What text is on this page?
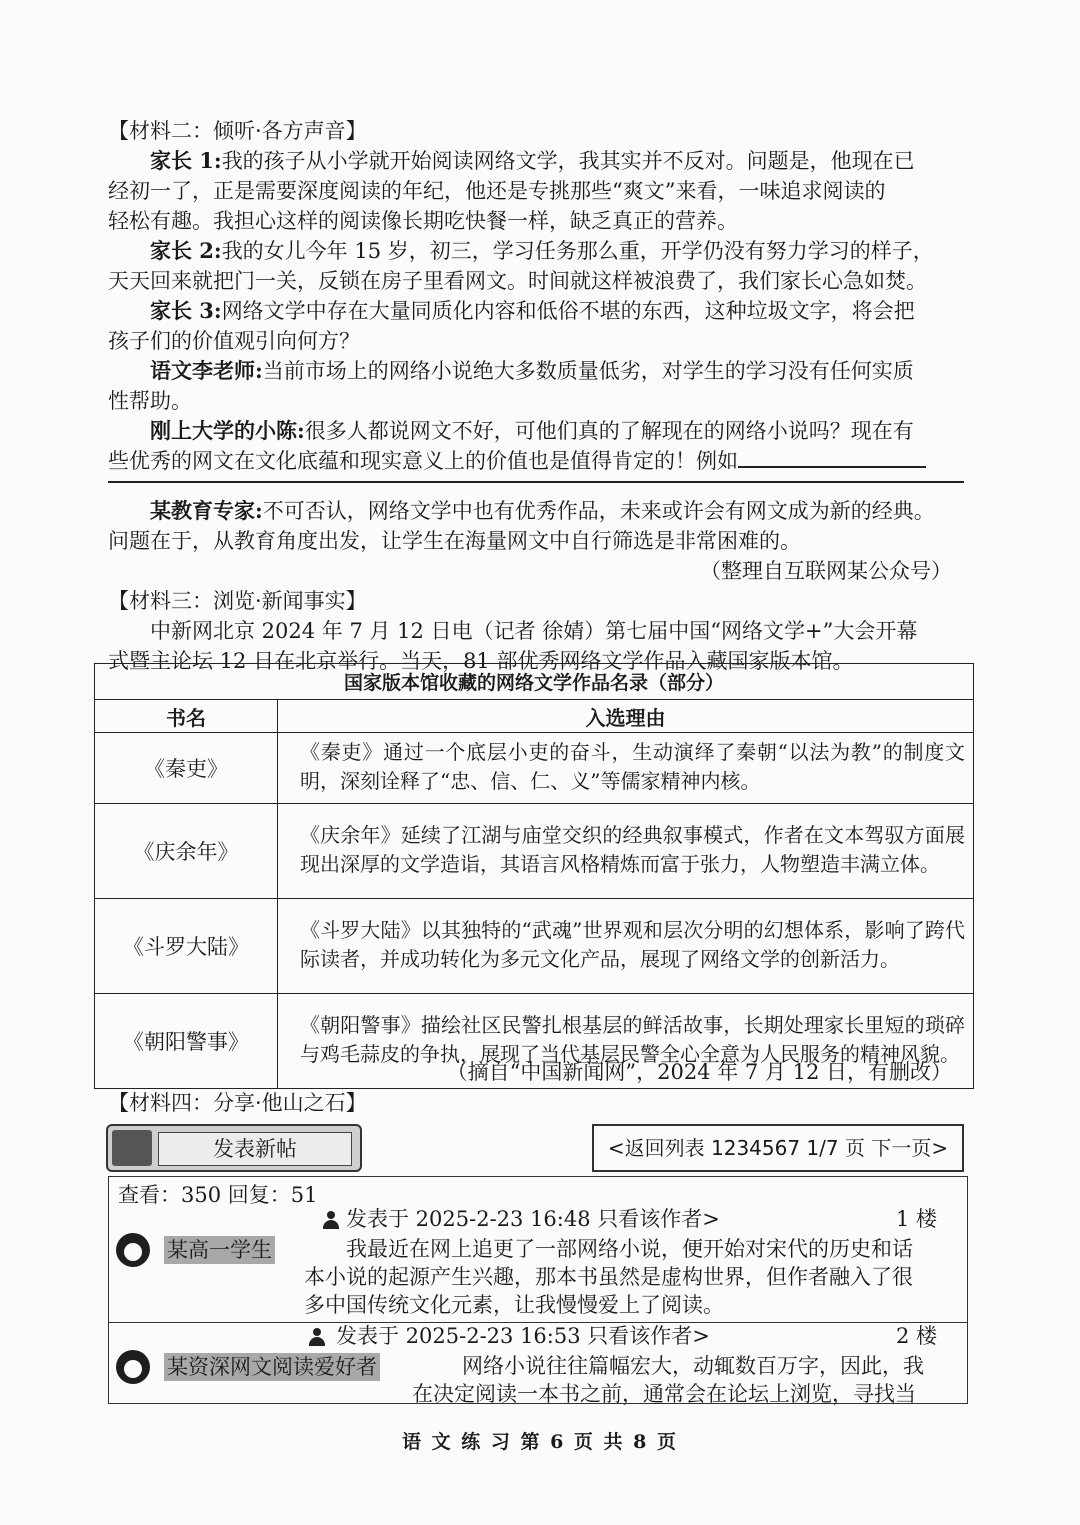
【材料二：倾听·各方声音】
家长 1:我的孩子从小学就开始阅读网络文学，我其实并不反对。问题是，他现在已
经初一了，正是需要深度阅读的年纪，他还是专挑那些“爽文”来看，一味追求阅读的
轻松有趣。我担心这样的阅读像长期吃快餐一样，缺乏真正的营养。
家长 2:我的女儿今年 15 岁，初三，学习任务那么重，开学仍没有努力学习的样子，
天天回来就把门一关，反锁在房子里看网文。时间就这样被浪费了，我们家长心急如焚。
家长 3:网络文学中存在大量同质化内容和低俗不堪的东西，这种垃圾文字，将会把
孩子们的价值观引向何方？
语文李老师:当前市场上的网络小说绝大多数质量低劣，对学生的学习没有任何实质
性帮助。
刚上大学的小陈:很多人都说网文不好，可他们真的了解现在的网络小说吗？现在有
些优秀的网文在文化底蕴和现实意义上的价值也是值得肯定的！例如
某教育专家:不可否认，网络文学中也有优秀作品，未来或许会有网文成为新的经典。
问题在于，从教育角度出发，让学生在海量网文中自行筛选是非常困难的。
（整理自互联网某公众号）
【材料三：浏览·新闻事实】
中新网北京 2024 年 7 月 12 日电（记者 徐婧）第七届中国“网络文学+”大会开幕
式暨主论坛 12 日在北京举行。当天，81 部优秀网络文学作品入藏国家版本馆。
国家版本馆收藏的网络文学作品名录（部分）	
书名	入选理由
《秦吏》	《秦吏》通过一个底层小吏的奋斗，生动演绎了秦朝“以法为教”的制度文明，深刻诠释了“忠、信、仁、义”等儒家精神内核。
《庆余年》	《庆余年》延续了江湖与庙堂交织的经典叙事模式，作者在文本驾驭方面展现出深厚的文学造诣，其语言风格精炼而富于张力，人物塑造丰满立体。
《斗罗大陆》	《斗罗大陆》以其独特的“武魂”世界观和层次分明的幻想体系，影响了跨代际读者，并成功转化为多元文化产品，展现了网络文学的创新活力。
《朝阳警事》	《朝阳警事》描绘社区民警扎根基层的鲜活故事，长期处理家长里短的琐碎与鸡毛蒜皮的争执，展现了当代基层民警全心全意为人民服务的精神风貌。
（摘自“中国新闻网”，2024 年 7 月 12 日，有删改）
【材料四：分享·他山之石】
发表新帖	<返回列表 1234567 1/7 页 下一页>
查看：350 回复：51
发表于 2025-2-23 16:48 只看该作者>	1 楼
某高一学生	我最近在网上追更了一部网络小说，便开始对宋代的历史和话
本小说的起源产生兴趣，那本书虽然是虚构世界，但作者融入了很
多中国传统文化元素，让我慢慢爱上了阅读。
发表于 2025-2-23 16:53 只看该作者>	2 楼
某资深网文阅读爱好者	网络小说往往篇幅宏大，动辄数百万字，因此，我
在决定阅读一本书之前，通常会在论坛上浏览，寻找当
语 文 练 习 第 6 页 共 8 页
